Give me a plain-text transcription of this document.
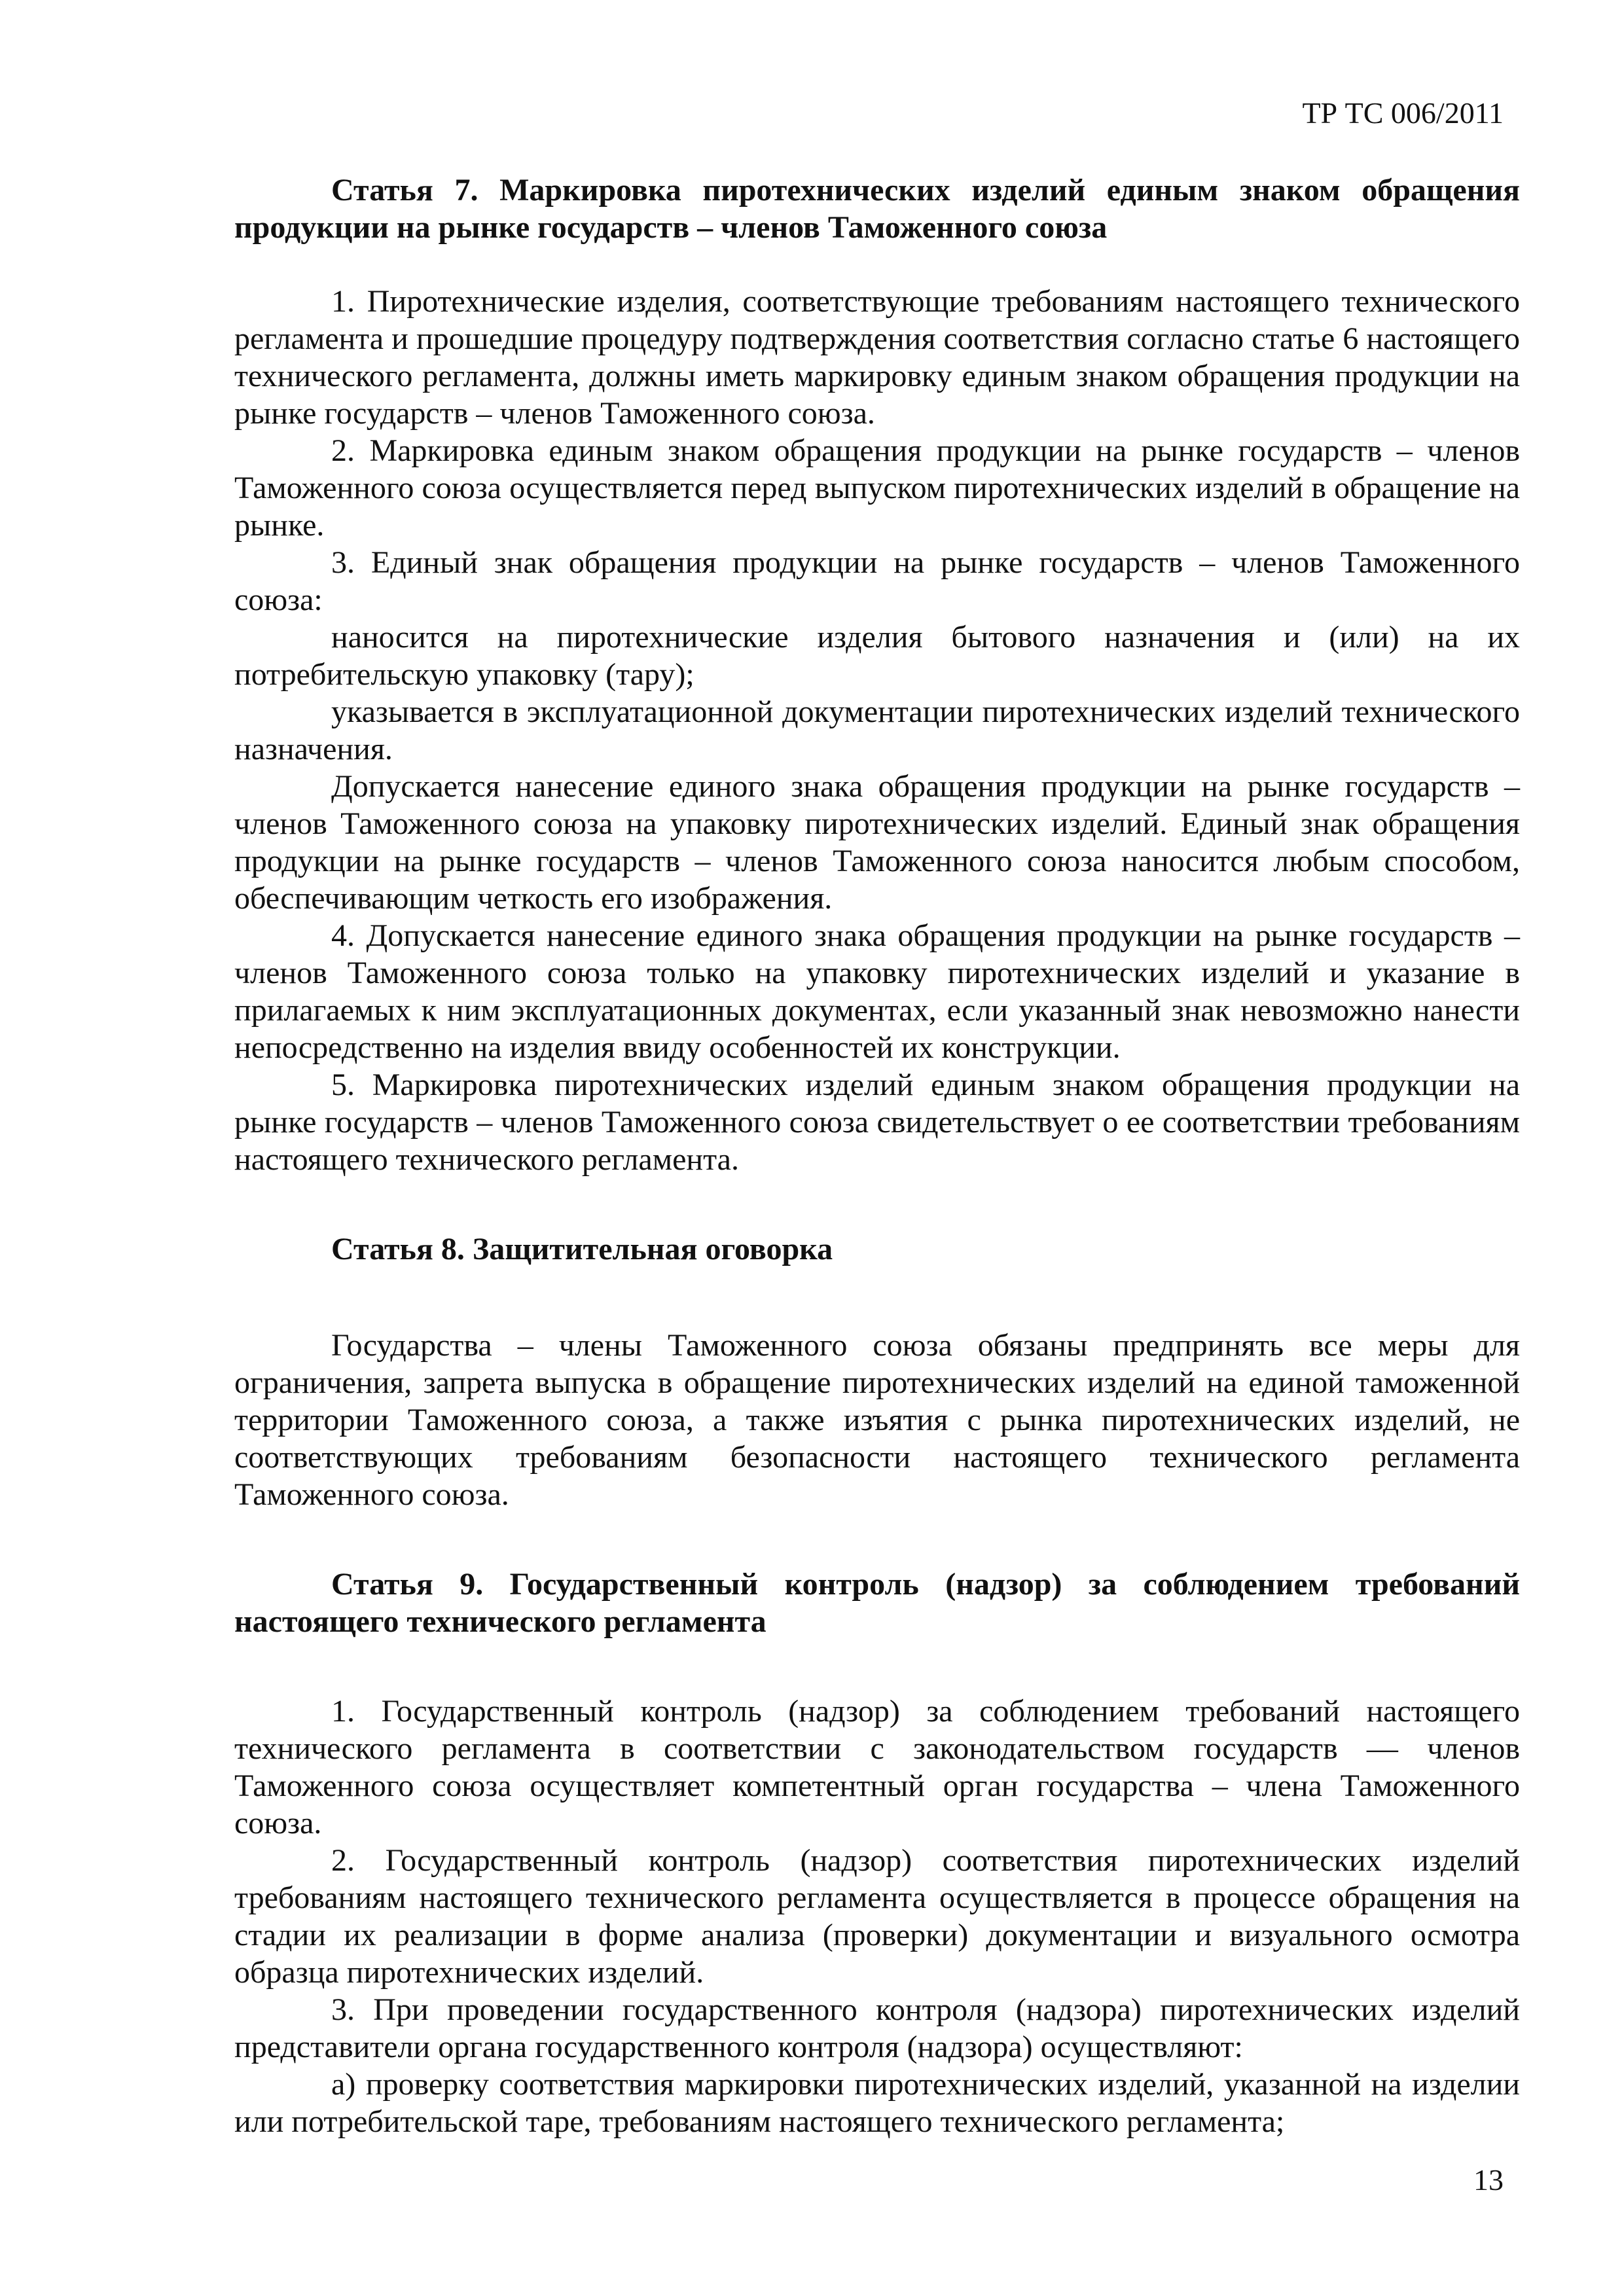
ТР ТС 006/2011

Статья 7. Маркировка пиротехнических изделий единым знаком обращения продукции на рынке государств – членов Таможенного союза

1. Пиротехнические изделия, соответствующие требованиям настоящего технического регламента и прошедшие процедуру подтверждения соответствия согласно статье 6 настоящего технического регламента, должны иметь маркировку единым знаком обращения продукции на рынке государств – членов Таможенного союза.

2. Маркировка единым знаком обращения продукции на рынке государств – членов Таможенного союза осуществляется перед выпуском пиротехнических изделий в обращение на рынке.

3. Единый знак обращения продукции на рынке государств – членов Таможенного союза:

наносится на пиротехнические изделия бытового назначения и (или) на их потребительскую упаковку (тару);

указывается в эксплуатационной документации пиротехнических изделий технического назначения.

Допускается нанесение единого знака обращения продукции на рынке государств – членов Таможенного союза на упаковку пиротехнических изделий. Единый знак обращения продукции на рынке государств – членов Таможенного союза наносится любым способом, обеспечивающим четкость его изображения.

4. Допускается нанесение единого знака обращения продукции на рынке государств – членов Таможенного союза только на упаковку пиротехнических изделий и указание в прилагаемых к ним эксплуатационных документах, если указанный знак невозможно нанести непосредственно на изделия ввиду особенностей их конструкции.

5. Маркировка пиротехнических изделий единым знаком обращения продукции на рынке государств – членов Таможенного союза свидетельствует о ее соответствии требованиям настоящего технического регламента.

Статья 8. Защитительная оговорка

Государства – члены Таможенного союза обязаны предпринять все меры для ограничения, запрета выпуска в обращение пиротехнических изделий на единой таможенной территории Таможенного союза, а также изъятия с рынка пиротехнических изделий, не соответствующих требованиям безопасности настоящего технического регламента Таможенного союза.

Статья 9. Государственный контроль (надзор) за соблюдением требований настоящего технического регламента

1. Государственный контроль (надзор) за соблюдением требований настоящего технического регламента в соответствии с законодательством государств — членов Таможенного союза осуществляет компетентный орган государства – члена Таможенного союза.

2. Государственный контроль (надзор) соответствия пиротехнических изделий требованиям настоящего технического регламента осуществляется в процессе обращения на стадии их реализации в форме анализа (проверки) документации и визуального осмотра образца пиротехнических изделий.

3. При проведении государственного контроля (надзора) пиротехнических изделий представители органа государственного контроля (надзора) осуществляют:

а) проверку соответствия маркировки пиротехнических изделий, указанной на изделии или потребительской таре, требованиям настоящего технического регламента;

13
